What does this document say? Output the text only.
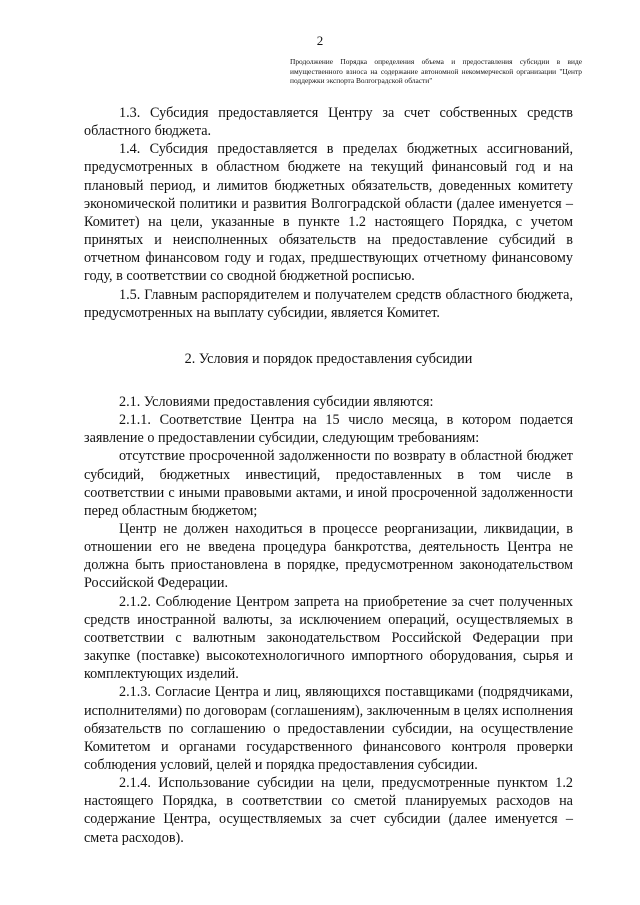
2
Продолжение Порядка определения объема и предоставления субсидии в виде имущественного взноса на содержание автономной некоммерческой организации "Центр поддержки экспорта Волгоградской области"

1.3. Субсидия предоставляется Центру за счет собственных средств областного бюджета.

1.4. Субсидия предоставляется в пределах бюджетных ассигнований, предусмотренных в областном бюджете на текущий финансовый год и на плановый период, и лимитов бюджетных обязательств, доведенных комитету экономической политики и развития Волгоградской области (далее именуется – Комитет) на цели, указанные в пункте 1.2 настоящего Порядка, с учетом принятых и неисполненных обязательств на предоставление субсидий в отчетном финансовом году и годах, предшествующих отчетному финансовому году, в соответствии со сводной бюджетной росписью.

1.5. Главным распорядителем и получателем средств областного бюджета, предусмотренных на выплату субсидии, является Комитет.

2. Условия и порядок предоставления субсидии

2.1. Условиями предоставления субсидии являются:

2.1.1. Соответствие Центра на 15 число месяца, в котором подается заявление о предоставлении субсидии, следующим требованиям:

отсутствие просроченной задолженности по возврату в областной бюджет субсидий, бюджетных инвестиций, предоставленных в том числе в соответствии с иными правовыми актами, и иной просроченной задолженности перед областным бюджетом;

Центр не должен находиться в процессе реорганизации, ликвидации, в отношении его не введена процедура банкротства, деятельность Центра не должна быть приостановлена в порядке, предусмотренном законодательством Российской Федерации.

2.1.2. Соблюдение Центром запрета на приобретение за счет полученных средств иностранной валюты, за исключением операций, осуществляемых в соответствии с валютным законодательством Российской Федерации при закупке (поставке) высокотехнологичного импортного оборудования, сырья и комплектующих изделий.

2.1.3. Согласие Центра и лиц, являющихся поставщиками (подрядчиками, исполнителями) по договорам (соглашениям), заключенным в целях исполнения обязательств по соглашению о предоставлении субсидии, на осуществление Комитетом и органами государственного финансового контроля проверки соблюдения условий, целей и порядка предоставления субсидии.

2.1.4. Использование субсидии на цели, предусмотренные пунктом 1.2 настоящего Порядка, в соответствии со сметой планируемых расходов на содержание Центра, осуществляемых за счет субсидии (далее именуется – смета расходов).
